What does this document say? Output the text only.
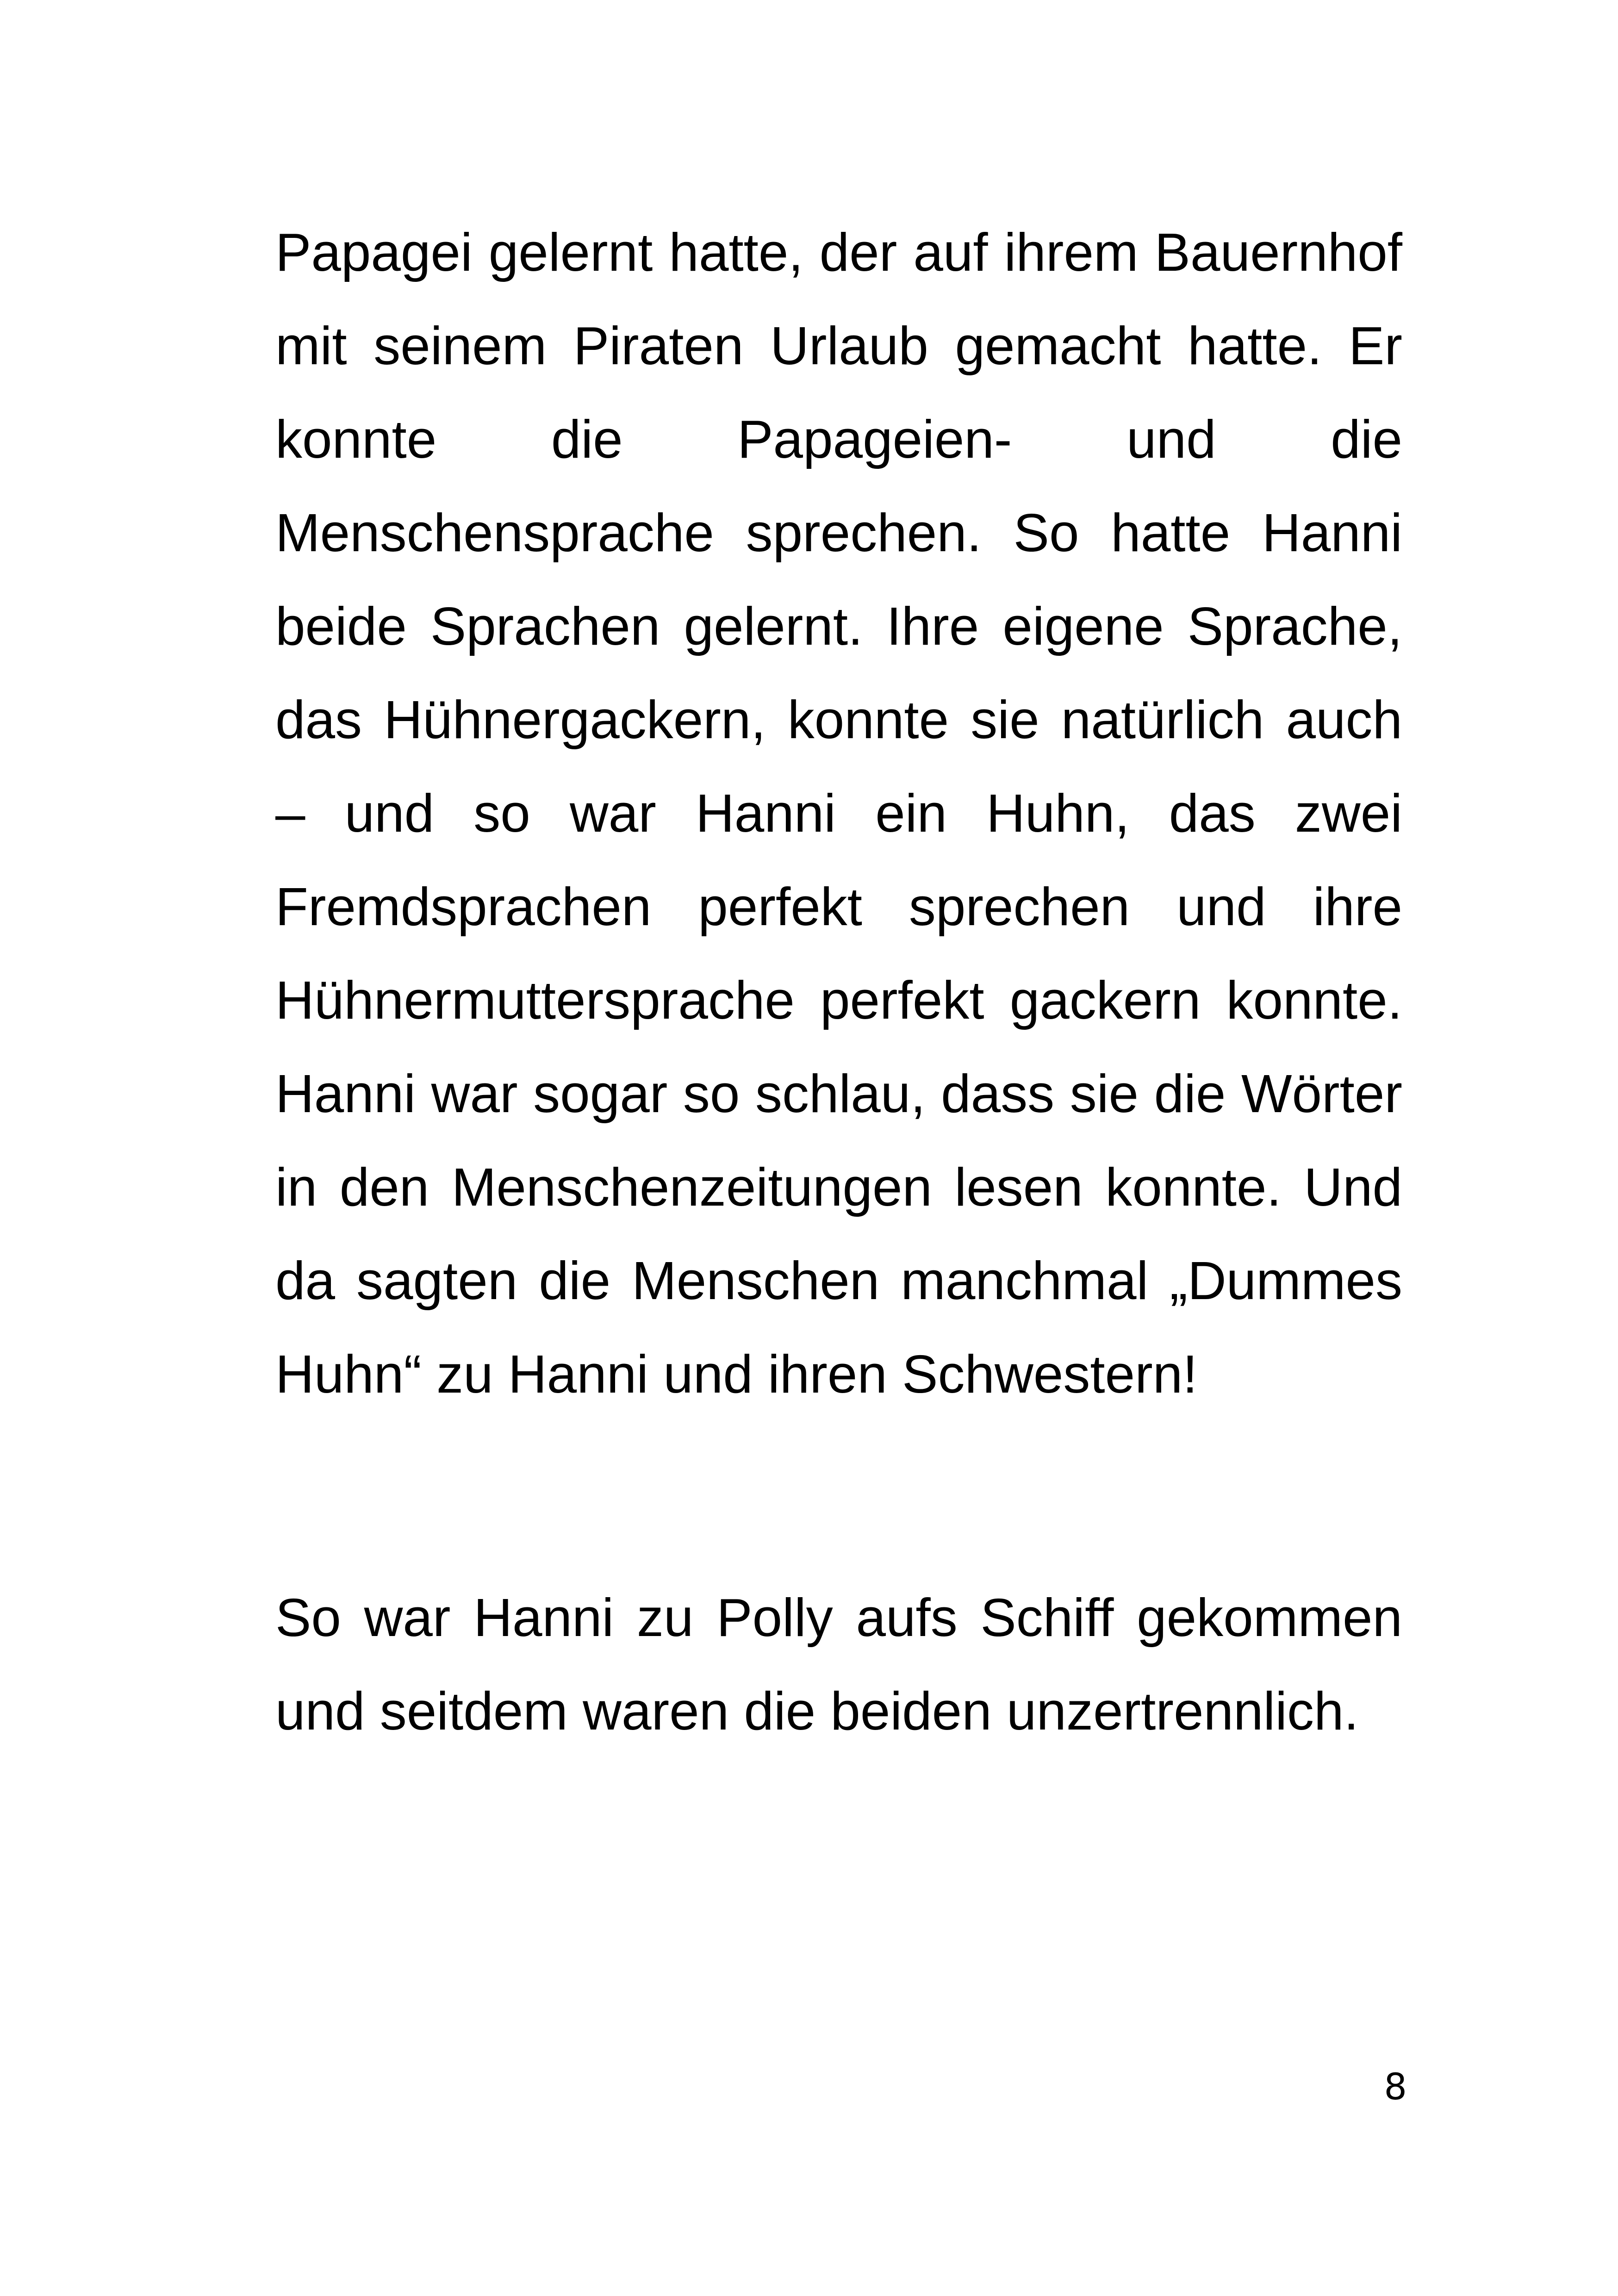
Papagei gelernt hatte, der auf ihrem Bauernhof mit seinem Piraten Urlaub gemacht hatte. Er konnte die Papageien- und die Menschensprache sprechen. So hatte Hanni beide Sprachen gelernt. Ihre eigene Sprache, das Hühnergackern, konnte sie natürlich auch – und so war Hanni ein Huhn, das zwei Fremdsprachen perfekt sprechen und ihre Hühnermuttersprache perfekt gackern konnte. Hanni war sogar so schlau, dass sie die Wörter in den Menschenzeitungen lesen konnte. Und da sagten die Menschen manchmal „Dummes Huhn“ zu Hanni und ihren Schwestern!

So war Hanni zu Polly aufs Schiff gekommen und seitdem waren die beiden unzertrennlich.

8
